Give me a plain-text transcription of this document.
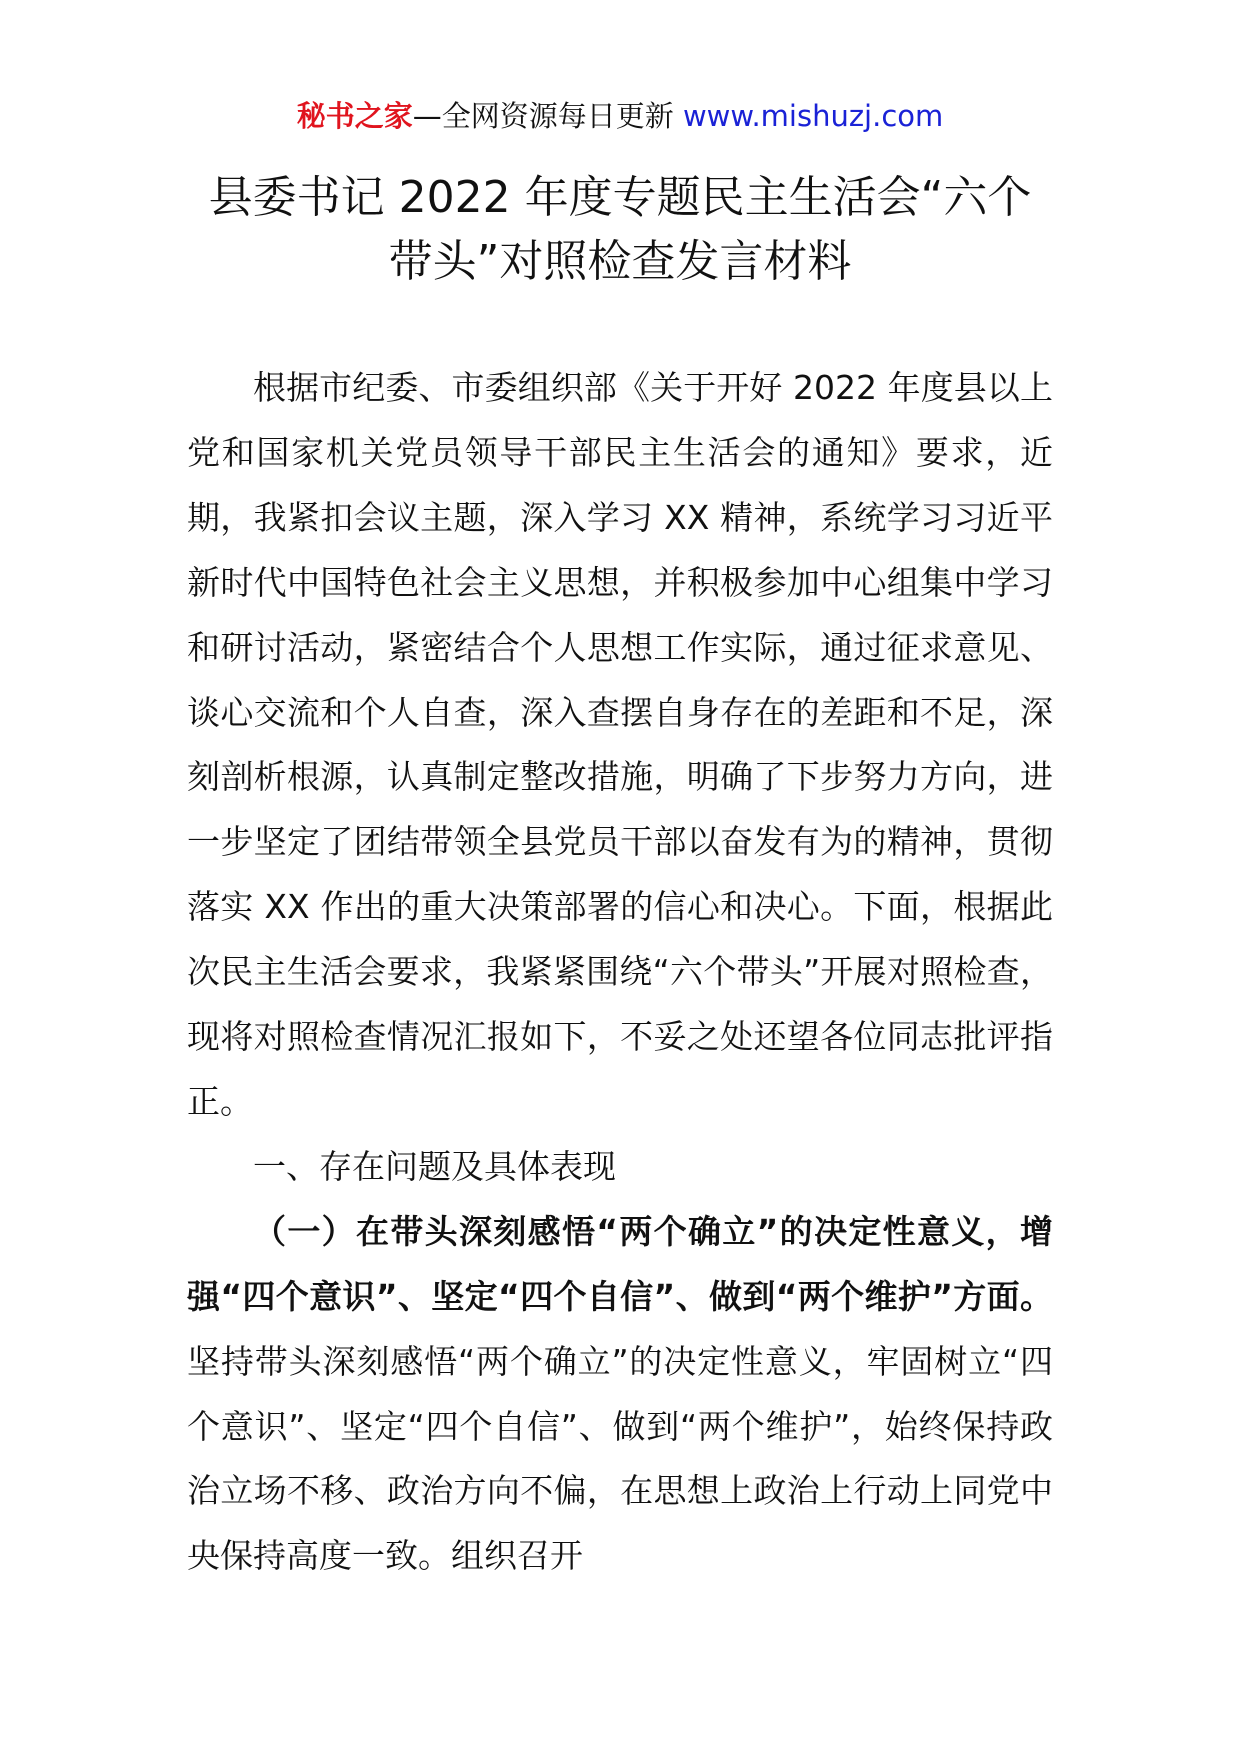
秘书之家—全网资源每日更新 www.mishuzj.com
县委书记 2022 年度专题民主生活会“六个
带头”对照检查发言材料

根据市纪委、市委组织部《关于开好 2022 年度县以上党和国家机关党员领导干部民主生活会的通知》要求，近期，我紧扣会议主题，深入学习 XX 精神，系统学习习近平新时代中国特色社会主义思想，并积极参加中心组集中学习和研讨活动，紧密结合个人思想工作实际，通过征求意见、谈心交流和个人自查，深入查摆自身存在的差距和不足，深刻剖析根源，认真制定整改措施，明确了下步努力方向，进一步坚定了团结带领全县党员干部以奋发有为的精神，贯彻落实 XX 作出的重大决策部署的信心和决心。下面，根据此次民主生活会要求，我紧紧围绕“六个带头”开展对照检查，现将对照检查情况汇报如下，不妥之处还望各位同志批评指正。

一、存在问题及具体表现

（一）在带头深刻感悟“两个确立”的决定性意义，增强“四个意识”、坚定“四个自信”、做到“两个维护”方面。坚持带头深刻感悟“两个确立”的决定性意义，牢固树立“四个意识”、坚定“四个自信”、做到“两个维护”，始终保持政治立场不移、政治方向不偏，在思想上政治上行动上同党中央保持高度一致。组织召开
